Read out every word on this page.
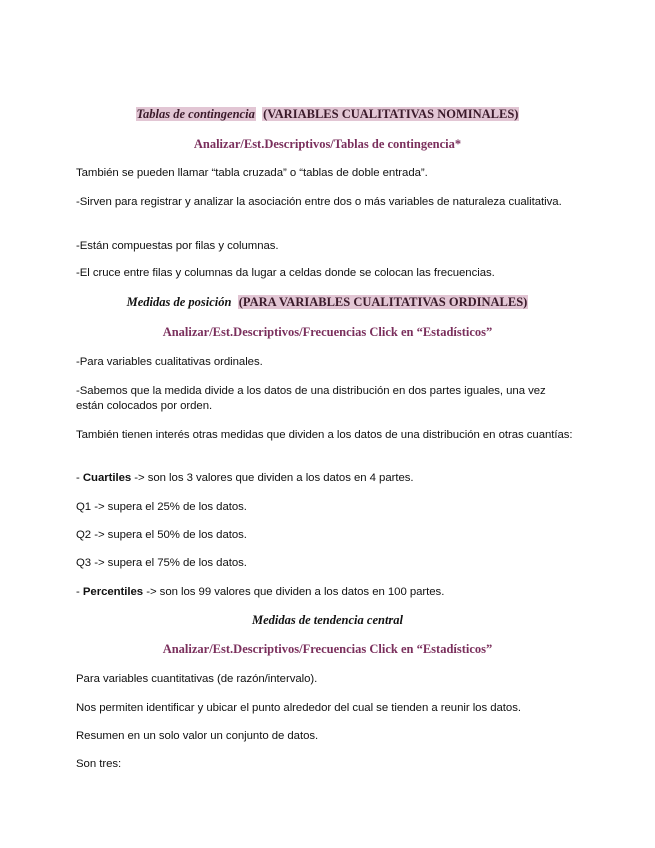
Tablas de contingencia (VARIABLES CUALITATIVAS NOMINALES)
Analizar/Est.Descriptivos/Tablas de contingencia*
También se pueden llamar “tabla cruzada” o “tablas de doble entrada”.
-Sirven para registrar y analizar la asociación entre dos o más variables de naturaleza cualitativa.
-Están compuestas por filas y columnas.
-El cruce entre filas y columnas da lugar a celdas donde se colocan las frecuencias.
Medidas de posición (PARA VARIABLES CUALITATIVAS ORDINALES)
Analizar/Est.Descriptivos/Frecuencias Click en “Estadísticos”
-Para variables cualitativas ordinales.
-Sabemos que la medida divide a los datos de una distribución en dos partes iguales, una vez están colocados por orden.
También tienen interés otras medidas que dividen a los datos de una distribución en otras cuantías:
- Cuartiles -> son los 3 valores que dividen a los datos en 4 partes.
Q1 -> supera el 25% de los datos.
Q2 -> supera el 50% de los datos.
Q3 -> supera el 75% de los datos.
- Percentiles -> son los 99 valores que dividen a los datos en 100 partes.
Medidas de tendencia central
Analizar/Est.Descriptivos/Frecuencias Click en “Estadísticos”
Para variables cuantitativas (de razón/intervalo).
Nos permiten identificar y ubicar el punto alrededor del cual se tienden a reunir los datos.
Resumen en un solo valor un conjunto de datos.
Son tres:
